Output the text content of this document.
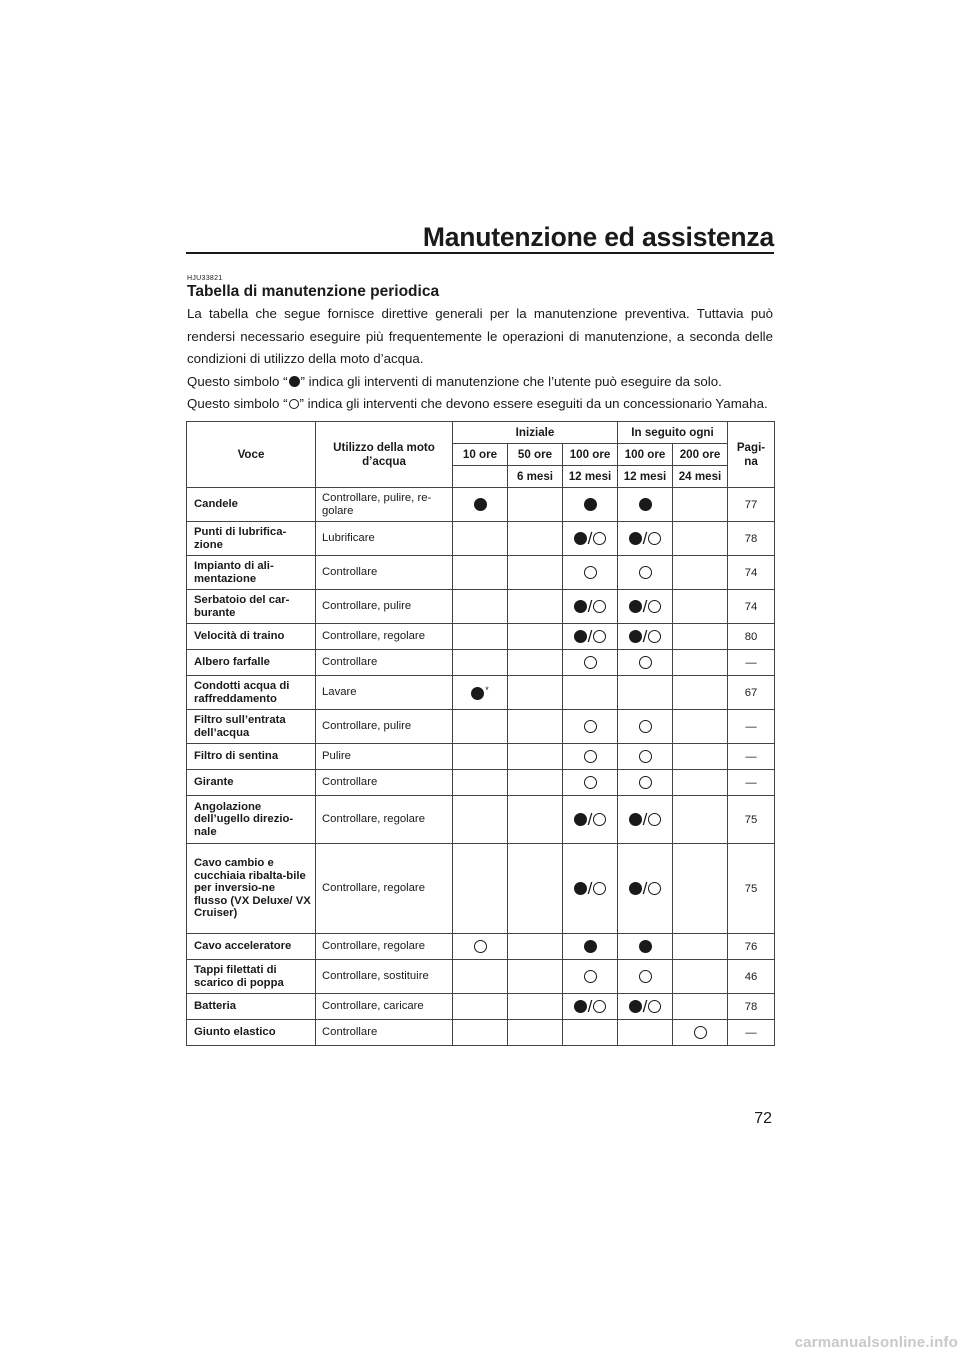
Manutenzione ed assistenza
HJU33821
Tabella di manutenzione periodica

La tabella che segue fornisce direttive generali per la manutenzione preventiva. Tuttavia può rendersi necessario eseguire più frequentemente le operazioni di manutenzione, a seconda delle condizioni di utilizzo della moto d’acqua.

Questo simbolo “ ” indica gli interventi di manutenzione che l’utente può eseguire da solo.

Questo simbolo “ ” indica gli interventi che devono essere eseguiti da un concessionario Yamaha.

Voce	Utilizzo della moto d’acqua	Iniziale			In seguito ogni		Pagi-na
		10 ore	50 ore	100 ore	100 ore	200 ore	
			6 mesi	12 mesi	12 mesi	24 mesi	
Candele	Controllare, pulire, re-golare						77
Punti di lubrifica-zione	Lubrificare			/	/		78
Impianto di ali-mentazione	Controllare						74
Serbatoio del car-burante	Controllare, pulire			/	/		74
Velocità di traino	Controllare, regolare			/	/		80
Albero farfalle	Controllare						—
Condotti acqua di raffreddamento	Lavare	*					67
Filtro sull’entrata dell’acqua	Controllare, pulire						—
Filtro di sentina	Pulire						—
Girante	Controllare						—
Angolazione dell’ugello direzio-nale	Controllare, regolare			/	/		75
Cavo cambio e cucchiaia ribalta-bile per inversio-ne flusso (VX Deluxe/ VX Cruiser)	Controllare, regolare			/	/		75
Cavo acceleratore	Controllare, regolare						76
Tappi filettati di scarico di poppa	Controllare, sostituire						46
Batteria	Controllare, caricare			/	/		78
Giunto elastico	Controllare						—
72
carmanualsonline.info
